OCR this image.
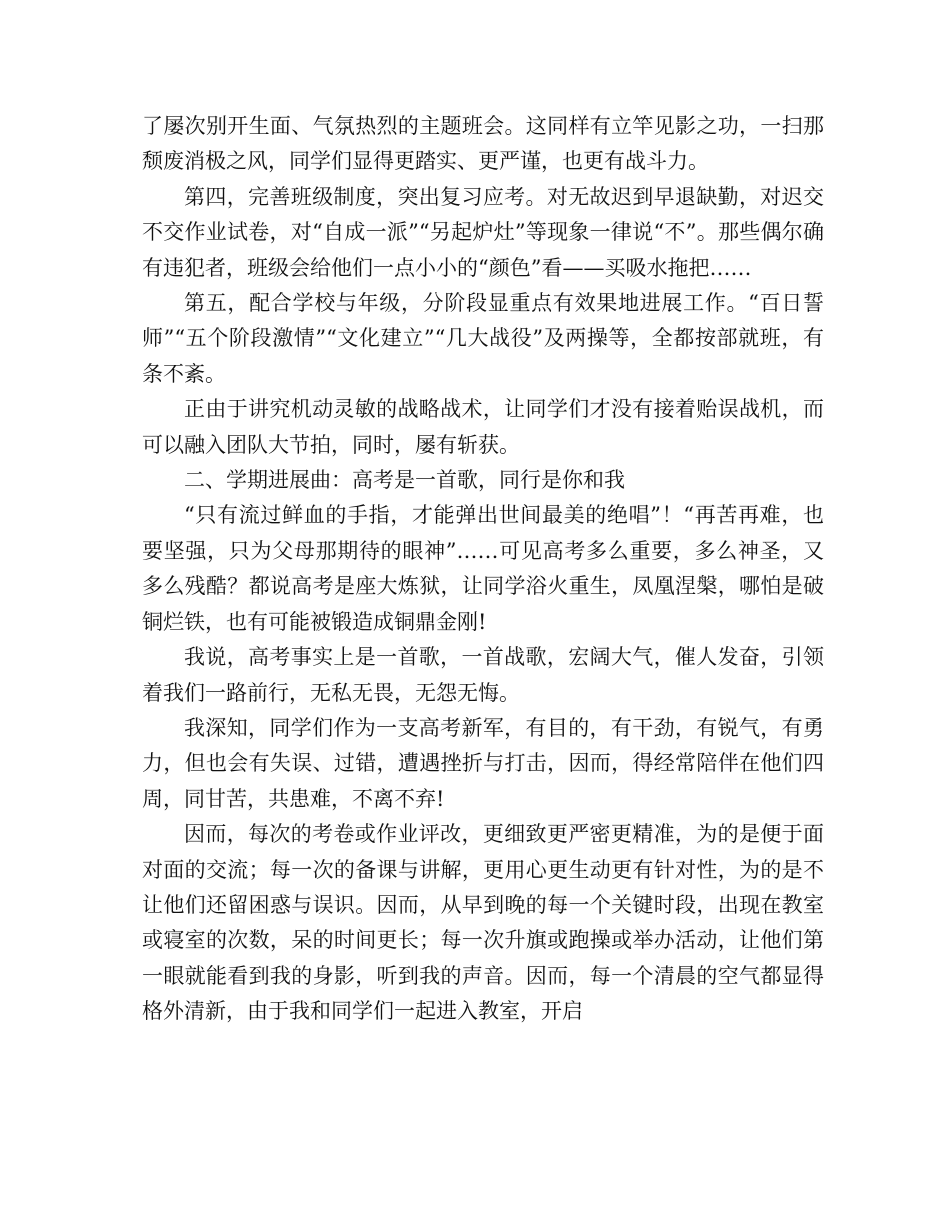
了屡次别开生面、气氛热烈的主题班会。这同样有立竿见影之功，一扫那颓废消极之风，同学们显得更踏实、更严谨，也更有战斗力。

第四，完善班级制度，突出复习应考。对无故迟到早退缺勤，对迟交不交作业试卷，对“自成一派”“另起炉灶”等现象一律说“不”。那些偶尔确有违犯者，班级会给他们一点小小的“颜色”看——买吸水拖把……

第五，配合学校与年级，分阶段显重点有效果地进展工作。“百日誓师”“五个阶段激情”“文化建立”“几大战役”及两操等，全都按部就班，有条不紊。

正由于讲究机动灵敏的战略战术，让同学们才没有接着贻误战机，而可以融入团队大节拍，同时，屡有斩获。

二、学期进展曲：高考是一首歌，同行是你和我

“只有流过鲜血的手指，才能弹出世间最美的绝唱”！“再苦再难，也要坚强，只为父母那期待的眼神”……可见高考多么重要，多么神圣，又多么残酷？都说高考是座大炼狱，让同学浴火重生，凤凰涅槃，哪怕是破铜烂铁，也有可能被锻造成铜鼎金刚!

我说，高考事实上是一首歌，一首战歌，宏阔大气，催人发奋，引领着我们一路前行，无私无畏，无怨无悔。

我深知，同学们作为一支高考新军，有目的，有干劲，有锐气，有勇力，但也会有失误、过错，遭遇挫折与打击，因而，得经常陪伴在他们四周，同甘苦，共患难，不离不弃!

因而，每次的考卷或作业评改，更细致更严密更精准，为的是便于面对面的交流；每一次的备课与讲解，更用心更生动更有针对性，为的是不让他们还留困惑与误识。因而，从早到晚的每一个关键时段，出现在教室或寝室的次数，呆的时间更长；每一次升旗或跑操或举办活动，让他们第一眼就能看到我的身影，听到我的声音。因而，每一个清晨的空气都显得格外清新，由于我和同学们一起进入教室，开启
